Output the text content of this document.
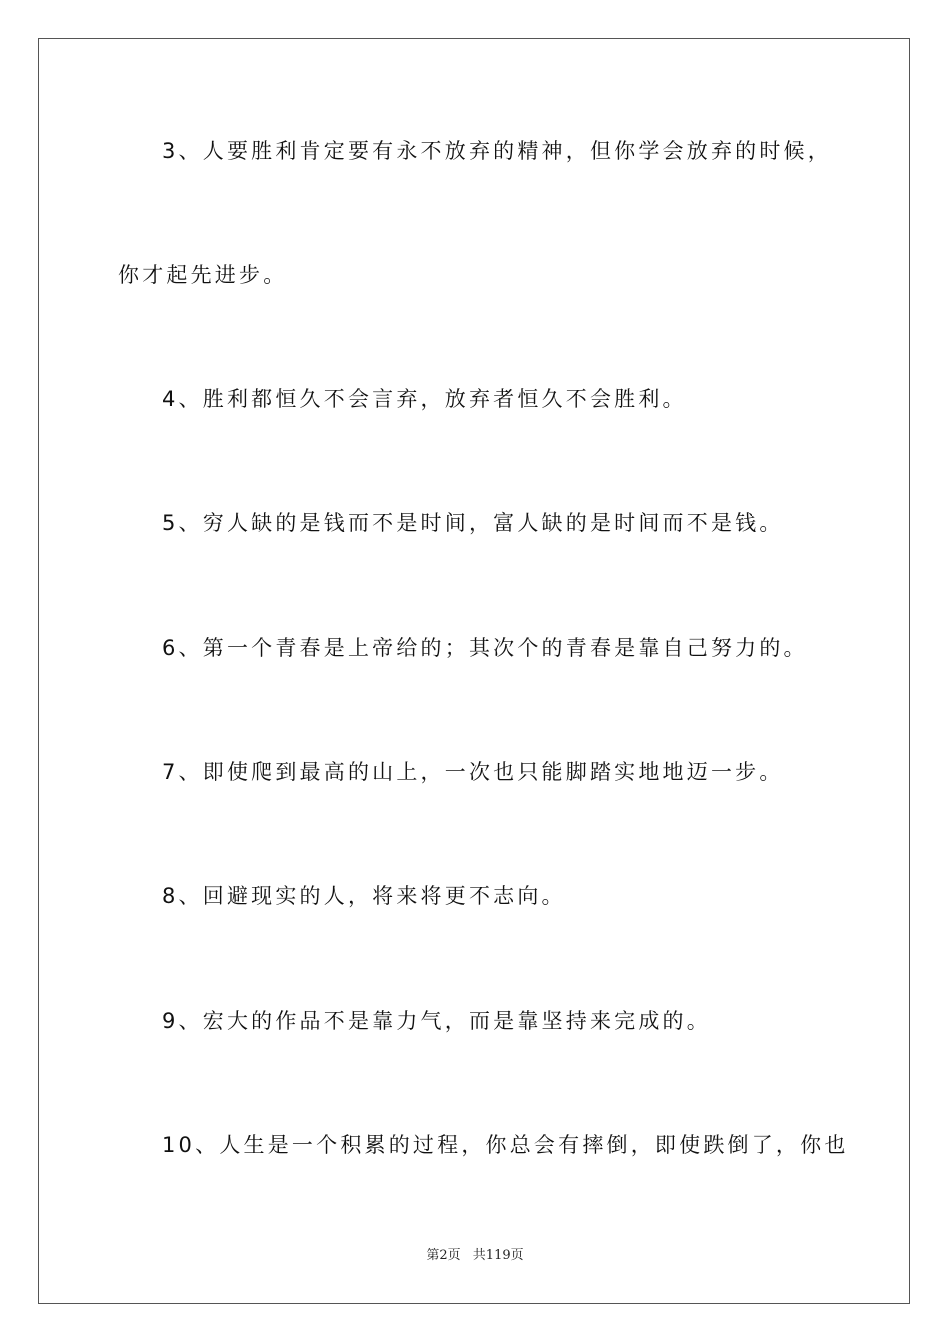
3、人要胜利肯定要有永不放弃的精神，但你学会放弃的时候，
你才起先进步。
4、胜利都恒久不会言弃，放弃者恒久不会胜利。
5、穷人缺的是钱而不是时间，富人缺的是时间而不是钱。
6、第一个青春是上帝给的；其次个的青春是靠自己努力的。
7、即使爬到最高的山上，一次也只能脚踏实地地迈一步。
8、回避现实的人，将来将更不志向。
9、宏大的作品不是靠力气，而是靠坚持来完成的。
10、人生是一个积累的过程，你总会有摔倒，即使跌倒了，你也
第2页 共119页
